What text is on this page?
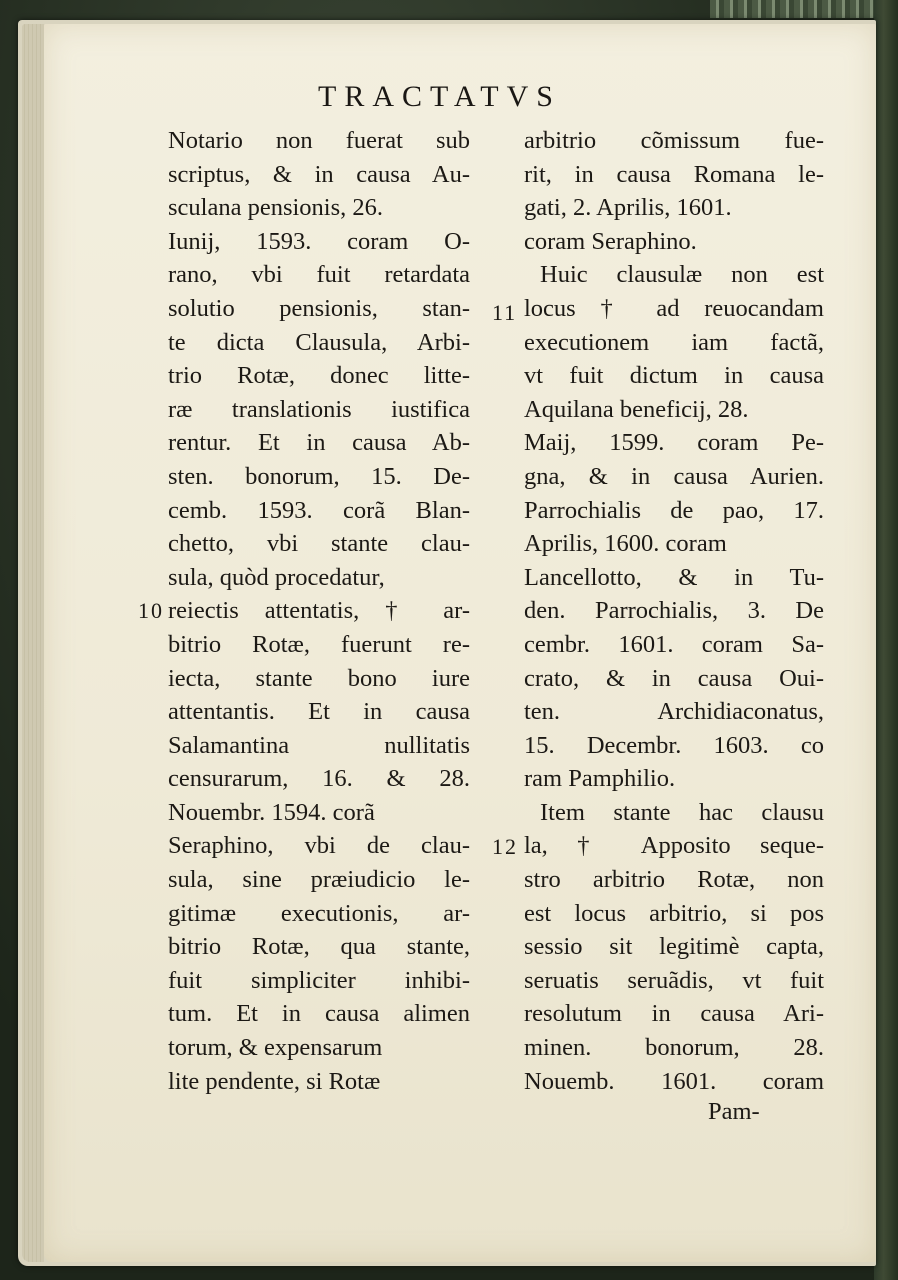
TRACTATVS
Notario non fuerat sub
scriptus, & in causa Au-
sculana pensionis, 26.
Iunij, 1593. coram O-
rano, vbi fuit retardata
solutio pensionis, stan-
te dicta Clausula, Arbi-
trio Rotæ, donec litte-
ræ translationis iustifica
rentur. Et in causa Ab-
sten. bonorum, 15. De-
cemb. 1593. corã Blan-
chetto, vbi stante clau-
sula, quòd procedatur,
reiectis attentatis, † ar-
bitrio Rotæ, fuerunt re-
iecta, stante bono iure
attentantis. Et in causa
Salamantina nullitatis
censurarum, 16. & 28.
Nouembr. 1594. corã
Seraphino, vbi de clau-
sula, sine præiudicio le-
gitimæ executionis, ar-
bitrio Rotæ, qua stante,
fuit simpliciter inhibi-
tum. Et in causa alimen
torum, & expensarum
lite pendente, si Rotæ
arbitrio cõmissum fue-
rit, in causa Romana le-
gati, 2. Aprilis, 1601.
coram Seraphino.
Huic clausulæ non est
locus † ad reuocandam
executionem iam factã,
vt fuit dictum in causa
Aquilana beneficij, 28.
Maij, 1599. coram Pe-
gna, & in causa Aurien.
Parrochialis de pao, 17.
Aprilis, 1600. coram
Lancellotto, & in Tu-
den. Parrochialis, 3. De
cembr. 1601. coram Sa-
crato, & in causa Oui-
ten. Archidiaconatus,
15. Decembr. 1603. co
ram Pamphilio.
Item stante hac clausu
la, † Apposito seque-
stro arbitrio Rotæ, non
est locus arbitrio, si pos
sessio sit legitimè capta,
seruatis seruãdis, vt fuit
resolutum in causa Ari-
minen. bonorum, 28.
Nouemb. 1601. coram
10
11
12
Pam-
